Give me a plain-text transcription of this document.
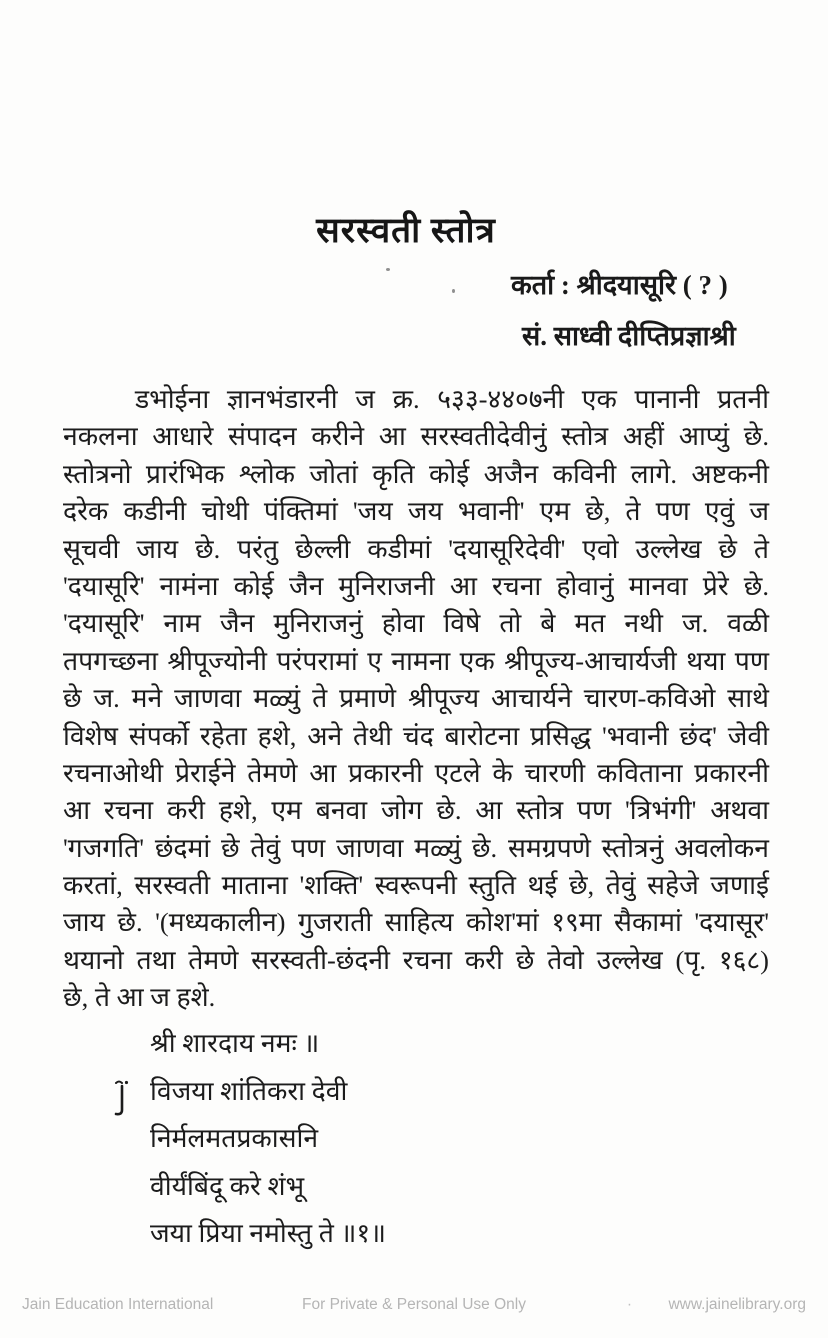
सरस्वती स्तोत्र
कर्ता : श्रीदयासूरि ( ? )
सं. साध्वी दीप्तिप्रज्ञाश्री
डभोईना ज्ञानभंडारनी ज क्र. ५३३-४४०७नी एक पानानी प्रतनी
नकलना आधारे संपादन करीने आ सरस्वतीदेवीनुं स्तोत्र अहीं आप्युं छे.
स्तोत्रनो प्रारंभिक श्लोक जोतां कृति कोई अजैन कविनी लागे. अष्टकनी
दरेक कडीनी चोथी पंक्तिमां 'जय जय भवानी' एम छे, ते पण एवुं ज
सूचवी जाय छे. परंतु छेल्ली कडीमां 'दयासूरिदेवी' एवो उल्लेख छे ते
'दयासूरि' नामंना कोई जैन मुनिराजनी आ रचना होवानुं मानवा प्रेरे छे.
'दयासूरि' नाम जैन मुनिराजनुं होवा विषे तो बे मत नथी ज. वळी
तपगच्छना श्रीपूज्योनी परंपरामां ए नामना एक श्रीपूज्य-आचार्यजी थया पण
छे ज. मने जाणवा मळ्युं ते प्रमाणे श्रीपूज्य आचार्यने चारण-कविओ साथे
विशेष संपर्को रहेता हशे, अने तेथी चंद बारोटना प्रसिद्ध 'भवानी छंद' जेवी
रचनाओथी प्रेराईने तेमणे आ प्रकारनी एटले के चारणी कविताना प्रकारनी
आ रचना करी हशे, एम बनवा जोग छे. आ स्तोत्र पण 'त्रिभंगी' अथवा
'गजगति' छंदमां छे तेवुं पण जाणवा मळ्युं छे. समग्रपणे स्तोत्रनुं अवलोकन
करतां, सरस्वती माताना 'शक्ति' स्वरूपनी स्तुति थई छे, तेवुं सहेजे जणाई
जाय छे. '(मध्यकालीन) गुजराती साहित्य कोश'मां १९मा सैकामां 'दयासूर'
थयानो तथा तेमणे सरस्वती-छंदनी रचना करी छे तेवो उल्लेख (पृ. १६८)
छे, ते आ ज हशे.
श्री शारदाय नमः ॥
विजया शांतिकरा देवी
निर्मलमतप्रकासनि
वीर्यंबिंदू करे शंभू
जया प्रिया नमोस्तु ते ॥१॥
Jain Education International	For Private & Personal Use Only	· www.jainelibrary.org
